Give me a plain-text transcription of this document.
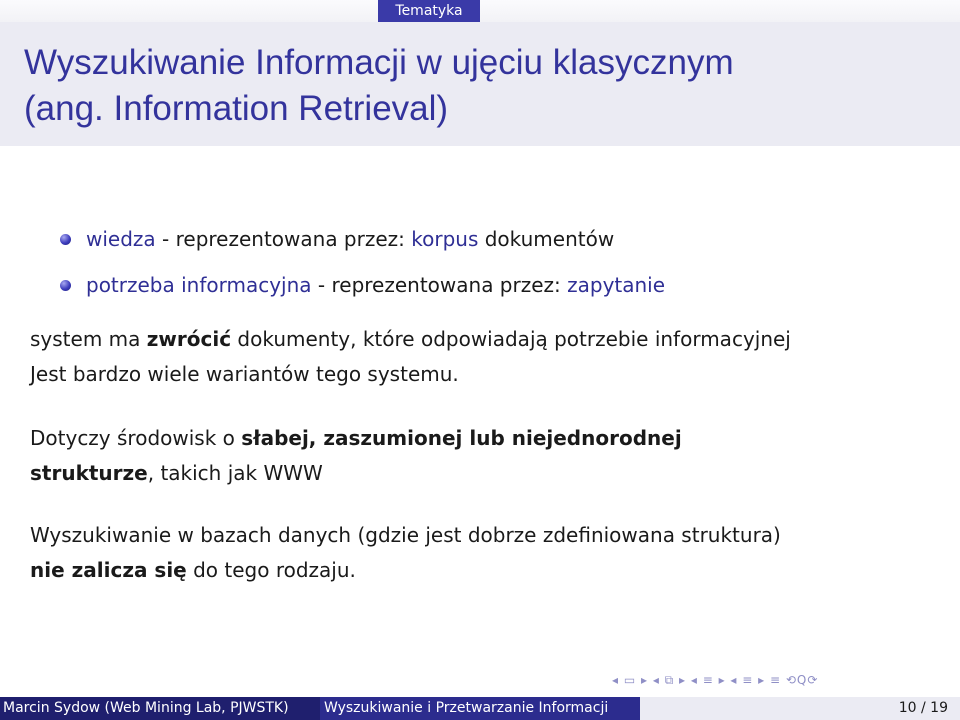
Tematyka
Wyszukiwanie Informacji w ujęciu klasycznym
(ang. Information Retrieval)
wiedza - reprezentowana przez: korpus dokumentów
potrzeba informacyjna - reprezentowana przez: zapytanie
system ma zwrócić dokumenty, które odpowiadają potrzebie informacyjnej
Jest bardzo wiele wariantów tego systemu.
Dotyczy środowisk o słabej, zaszumionej lub niejednorodnej
strukturze, takich jak WWW
Wyszukiwanie w bazach danych (gdzie jest dobrze zdefiniowana struktura)
nie zalicza się do tego rodzaju.
◂ ▭ ▸ ◂ ⧉ ▸ ◂ ≡ ▸ ◂ ≡ ▸ ≡ ⟲Q⟳
Marcin Sydow (Web Mining Lab, PJWSTK)	Wyszukiwanie i Przetwarzanie Informacji	10 / 19
